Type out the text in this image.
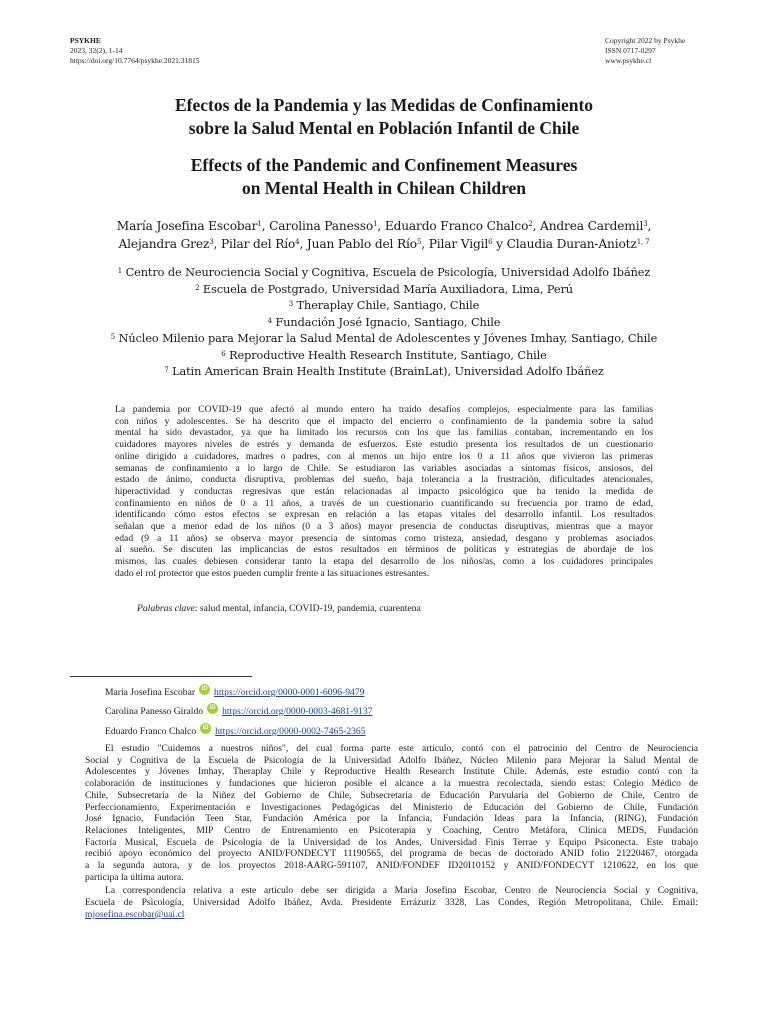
PSYKHE
2023, 32(2), 1-14
https://doi.org/10.7764/psykhe.2021.31815
Copyright 2022 by Psykhe
ISSN 0717-0297
www.psykhe.cl
Efectos de la Pandemia y las Medidas de Confinamiento
sobre la Salud Mental en Población Infantil de Chile
Effects of the Pandemic and Confinement Measures
on Mental Health in Chilean Children
María Josefina Escobar$^1$, Carolina Panesso$^1$, Eduardo Franco Chalco$^2$, Andrea Cardemil$^3$,
Alejandra Grez$^3$, Pilar del Río$^4$, Juan Pablo del Río$^5$, Pilar Vigil$^6$ y Claudia Duran-Aniotz$^{1, 7}$
$^1$ Centro de Neurociencia Social y Cognitiva, Escuela de Psicología, Universidad Adolfo Ibáñez
$^2$ Escuela de Postgrado, Universidad María Auxiliadora, Lima, Perú
$^3$ Theraplay Chile, Santiago, Chile
$^4$ Fundación José Ignacio, Santiago, Chile
$^5$ Núcleo Milenio para Mejorar la Salud Mental de Adolescentes y Jóvenes Imhay, Santiago, Chile
$^6$ Reproductive Health Research Institute, Santiago, Chile
$^7$ Latin American Brain Health Institute (BrainLat), Universidad Adolfo Ibáñez
La pandemia por COVID-19 que afectó al mundo entero ha traído desafíos complejos, especialmente para las familias
con niños y adolescentes. Se ha descrito que el impacto del encierro o confinamiento de la pandemia sobre la salud
mental ha sido devastador, ya que ha limitado los recursos con los que las familias contaban, incrementando en los
cuidadores mayores niveles de estrés y demanda de esfuerzos. Este estudio presenta los resultados de un cuestionario
online dirigido a cuidadores, madres o padres, con al menos un hijo entre los 0 a 11 años que vivieron las primeras
semanas de confinamiento a lo largo de Chile. Se estudiaron las variables asociadas a síntomas físicos, ansiosos, del
estado de ánimo, conducta disruptiva, problemas del sueño, baja tolerancia a la frustración, dificultades atencionales,
hiperactividad y conductas regresivas que están relacionadas al impacto psicológico que ha tenido la medida de
confinamiento en niños de 0 a 11 años, a través de un cuestionario cuantificando su frecuencia por tramo de edad,
identificando cómo estos efectos se expresan en relación a las etapas vitales del desarrollo infantil. Los resultados
señalan que a menor edad de los niños (0 a 3 años) mayor presencia de conductas disruptivas, mientras que a mayor
edad (9 a 11 años) se observa mayor presencia de síntomas como tristeza, ansiedad, desgano y problemas asociados
al sueño. Se discuten las implicancias de estos resultados en términos de políticas y estrategias de abordaje de los
mismos, las cuales debiesen considerar tanto la etapa del desarrollo de los niños/as, como a los cuidadores principales
dado el rol protector que estos pueden cumplir frente a las situaciones estresantes.
Palabras clave: salud mental, infancia, COVID-19, pandemia, cuarentena
María Josefina Escobar	iD https://orcid.org/0000-0001-6096-9479
Carolina Panesso Giraldo	iD https://orcid.org/0000-0003-4681-9137
Eduardo Franco Chalco	iD https://orcid.org/0000-0002-7465-2365
El estudio "Cuidemos a nuestros niños", del cual forma parte este artículo, contó con el patrocinio del Centro de Neurociencia
Social y Cognitiva de la Escuela de Psicología de la Universidad Adolfo Ibáñez, Núcleo Milenio para Mejorar la Salud Mental de
Adolescentes y Jóvenes Imhay, Theraplay Chile y Reproductive Health Research Institute Chile. Además, este estudio contó con la
colaboración de instituciones y fundaciones que hicieron posible el alcance a la muestra recolectada, siendo estas: Colegio Médico de
Chile, Subsecretaría de la Niñez del Gobierno de Chile, Subsecretaría de Educación Parvularia del Gobierno de Chile, Centro de
Perfeccionamiento, Experimentación e Investigaciones Pedagógicas del Ministerio de Educación del Gobierno de Chile, Fundación
José Ignacio, Fundación Teen Star, Fundación América por la Infancia, Fundación Ideas para la Infancia, (RING), Fundación
Relaciones Inteligentes, MIP Centro de Entrenamiento en Psicoterapia y Coaching, Centro Metáfora, Clínica MEDS, Fundación
Factoría Musical, Escuela de Psicología de la Universidad de los Andes, Universidad Finis Terrae y Equipo Psiconecta. Este trabajo
recibió apoyo económico del proyecto ANID/FONDECYT 11190565, del programa de becas de doctorado ANID folio 21220467, otorgada
a la segunda autora, y de los proyectos 2018-AARG-591107, ANID/FONDEF ID20I10152 y ANID/FONDECYT 1210622, en los que
participa la última autora.
La correspondencia relativa a este artículo debe ser dirigida a María Josefina Escobar, Centro de Neurociencia Social y Cognitiva,
Escuela de Psicología, Universidad Adolfo Ibáñez, Avda. Presidente Errázuriz 3328, Las Condes, Región Metropolitana, Chile. Email:
mjosefina.escobar@uai.cl
